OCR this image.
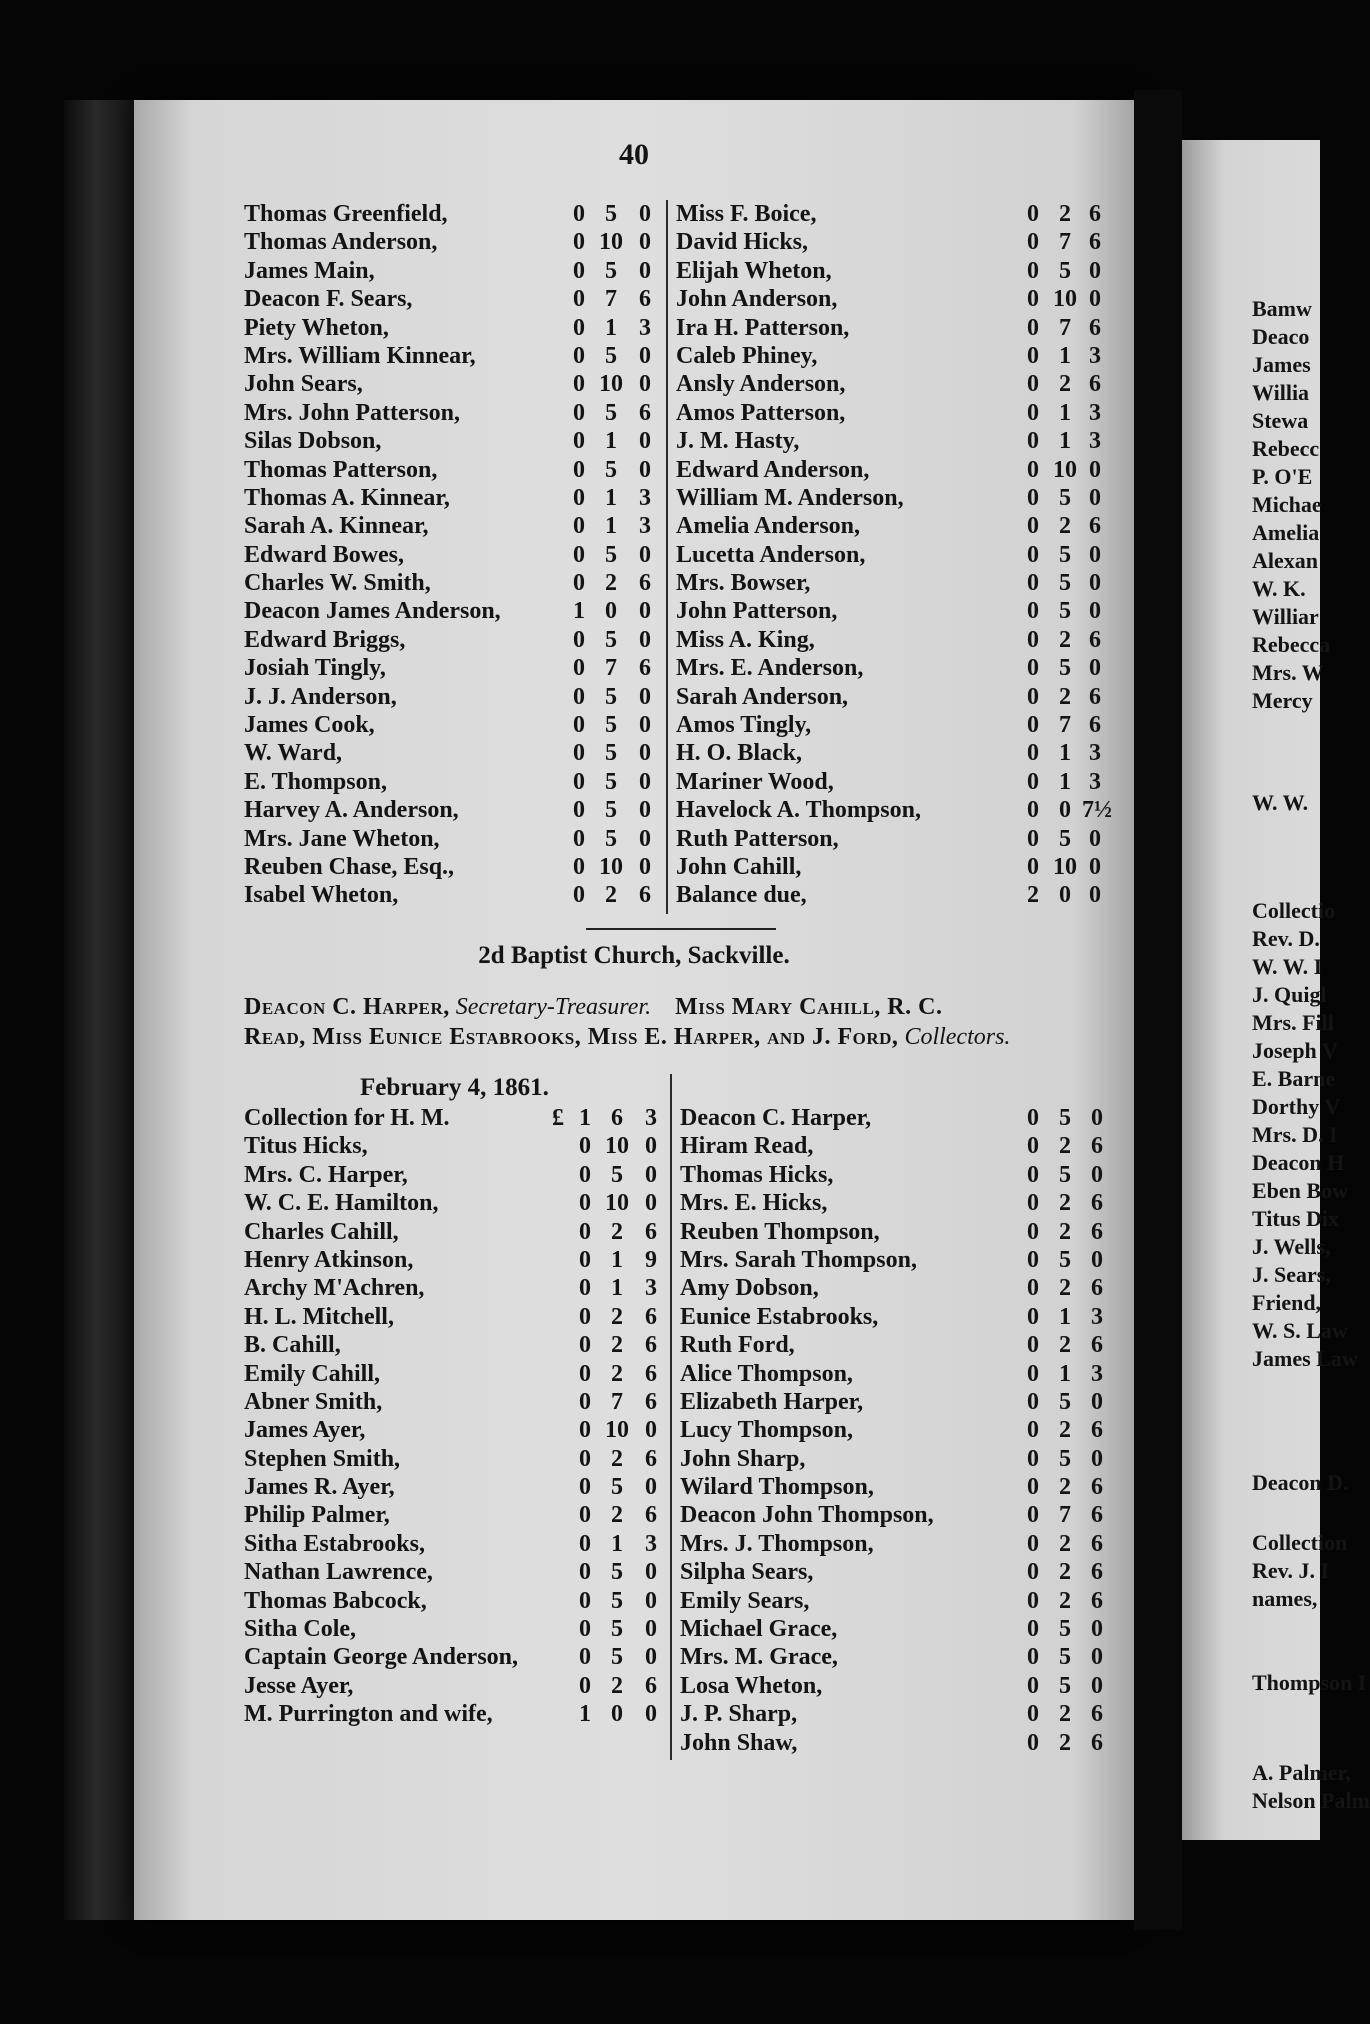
40
Thomas Greenfield,	0 5 0
Thomas Anderson,	0 10 0
James Main,	0 5 0
Deacon F. Sears,	0 7 6
Piety Wheton,	0 1 3
Mrs. William Kinnear,	0 5 0
John Sears,	0 10 0
Mrs. John Patterson,	0 5 6
Silas Dobson,	0 1 0
Thomas Patterson,	0 5 0
Thomas A. Kinnear,	0 1 3
Sarah A. Kinnear,	0 1 3
Edward Bowes,	0 5 0
Charles W. Smith,	0 2 6
Deacon James Anderson,	1 0 0
Edward Briggs,	0 5 0
Josiah Tingly,	0 7 6
J. J. Anderson,	0 5 0
James Cook,	0 5 0
W. Ward,	0 5 0
E. Thompson,	0 5 0
Harvey A. Anderson,	0 5 0
Mrs. Jane Wheton,	0 5 0
Reuben Chase, Esq.,	0 10 0
Isabel Wheton,	0 2 6
Miss F. Boice,	0 2 6
David Hicks,	0 7 6
Elijah Wheton,	0 5 0
John Anderson,	0 10 0
Ira H. Patterson,	0 7 6
Caleb Phiney,	0 1 3
Ansly Anderson,	0 2 6
Amos Patterson,	0 1 3
J. M. Hasty,	0 1 3
Edward Anderson,	0 10 0
William M. Anderson,	0 5 0
Amelia Anderson,	0 2 6
Lucetta Anderson,	0 5 0
Mrs. Bowser,	0 5 0
John Patterson,	0 5 0
Miss A. King,	0 2 6
Mrs. E. Anderson,	0 5 0
Sarah Anderson,	0 2 6
Amos Tingly,	0 7 6
H. O. Black,	0 1 3
Mariner Wood,	0 1 3
Havelock A. Thompson,	0 0 7½
Ruth Patterson,	0 5 0
John Cahill,	0 10 0
Balance due,	2 0 0
2d Baptist Church, Sackville.
Deacon C. Harper, Secretary-Treasurer. Miss Mary Cahill, R. C.
Read, Miss Eunice Estabrooks, Miss E. Harper, and J. Ford, Collectors.
February 4, 1861.
Collection for H. M.	1 6 3
Titus Hicks,	0 10 0
Mrs. C. Harper,	0 5 0
W. C. E. Hamilton,	0 10 0
Charles Cahill,	0 2 6
Henry Atkinson,	0 1 9
Archy M'Achren,	0 1 3
H. L. Mitchell,	0 2 6
B. Cahill,	0 2 6
Emily Cahill,	0 2 6
Abner Smith,	0 7 6
James Ayer,	0 10 0
Stephen Smith,	0 2 6
James R. Ayer,	0 5 0
Philip Palmer,	0 2 6
Sitha Estabrooks,	0 1 3
Nathan Lawrence,	0 5 0
Thomas Babcock,	0 5 0
Sitha Cole,	0 5 0
Captain George Anderson,	0 5 0
Jesse Ayer,	0 2 6
M. Purrington and wife,	1 0 0
Deacon C. Harper,	0 5 0
Hiram Read,	0 2 6
Thomas Hicks,	0 5 0
Mrs. E. Hicks,	0 2 6
Reuben Thompson,	0 2 6
Mrs. Sarah Thompson,	0 5 0
Amy Dobson,	0 2 6
Eunice Estabrooks,	0 1 3
Ruth Ford,	0 2 6
Alice Thompson,	0 1 3
Elizabeth Harper,	0 5 0
Lucy Thompson,	0 2 6
John Sharp,	0 5 0
Wilard Thompson,	0 2 6
Deacon John Thompson,	0 7 6
Mrs. J. Thompson,	0 2 6
Silpha Sears,	0 2 6
Emily Sears,	0 2 6
Michael Grace,	0 5 0
Mrs. M. Grace,	0 5 0
Losa Wheton,	0 5 0
J. P. Sharp,	0 2 6
John Shaw,	0 2 6
£
Bamw
Deaco
James
Willia
Stewa
Rebecc
P. O'E
Michae
Amelia
Alexan
W. K.
Williar
Rebecca
Mrs. W
Mercy
W. W.
Collectio
Rev. D.
W. W. I
J. Quigl
Mrs. Fill
Joseph V
E. Barne
Dorthy V
Mrs. D. I
Deacon H
Eben Bow
Titus Dix
J. Wells,
J. Sears,
Friend,
W. S. Law
James Law
Deacon D.
Collection
Rev. J. I
names,
Thompson I
A. Palmer,
Nelson Palm
